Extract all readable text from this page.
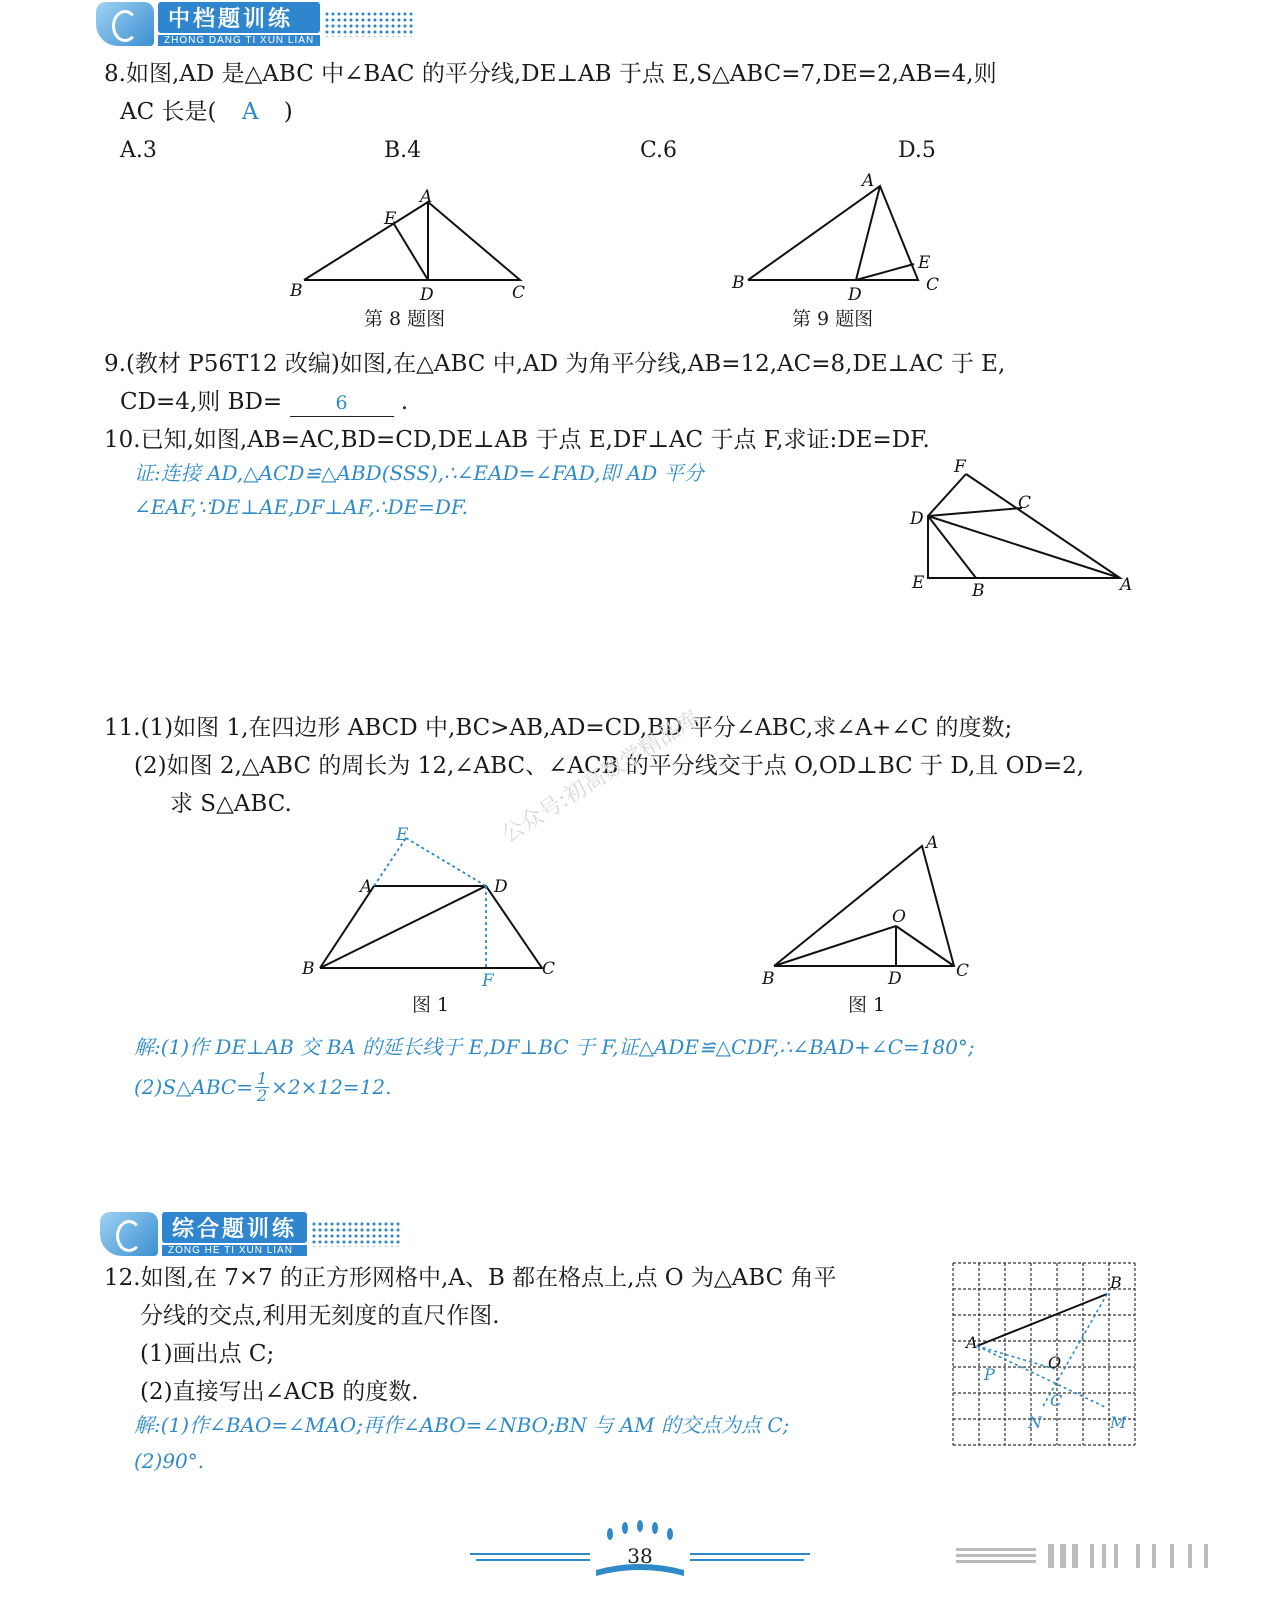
中档题训练
ZHONG DANG TI XUN LIAN
8.如图,AD 是△ABC 中∠BAC 的平分线,DE⊥AB 于点 E,S△ABC=7,DE=2,AB=4,则
AC 长是( A )
A.3	B.4	C.6	D.5
A
E
B	D	C
第 8 题图
A
E
B
D	C
第 9 题图
9.(教材 P56T12 改编)如图,在△ABC 中,AD 为角平分线,AB=12,AC=8,DE⊥AC 于 E,
CD=4,则 BD=	6 .
10.已知,如图,AB=AC,BD=CD,DE⊥AB 于点 E,DF⊥AC 于点 F,求证:DE=DF.
证:连接 AD,△ACD≌△ABD(SSS),∴∠EAD=∠FAD,即 AD 平分
∠EAF,∵DE⊥AE,DF⊥AF,∴DE=DF.
F
C
D
E	B	A
11.(1)如图 1,在四边形 ABCD 中,BC>AB,AD=CD,BD 平分∠ABC,求∠A+∠C 的度数;
(2)如图 2,△ABC 的周长为 12,∠ABC、∠ACB 的平分线交于点 O,OD⊥BC 于 D,且 OD=2,
求 S△ABC.	公众号:初高数学精品库
E
A	D
B	C
F
图 1
A
O
B	D	C
图 1
解:(1)作 DE⊥AB 交 BA 的延长线于 E,DF⊥BC 于 F,证△ADE≌△CDF,∴∠BAD+∠C=180°;
(2)S△ABC= $\frac{1}{2} \times 2\times 12=12$.
综合题训练
ZONG HE TI XUN LIAN
12.如图,在 7×7 的正方形网格中,A、B 都在格点上,点 O 为△ABC 角平
分线的交点,利用无刻度的直尺作图.
(1)画出点 C;
(2)直接写出∠ACB 的度数.
解:(1)作∠BAO=∠MAO;再作∠ABO=∠NBO;BN 与 AM 的交点为点 C;
(2)90°.
A
B
O
P
C
N	M
38
